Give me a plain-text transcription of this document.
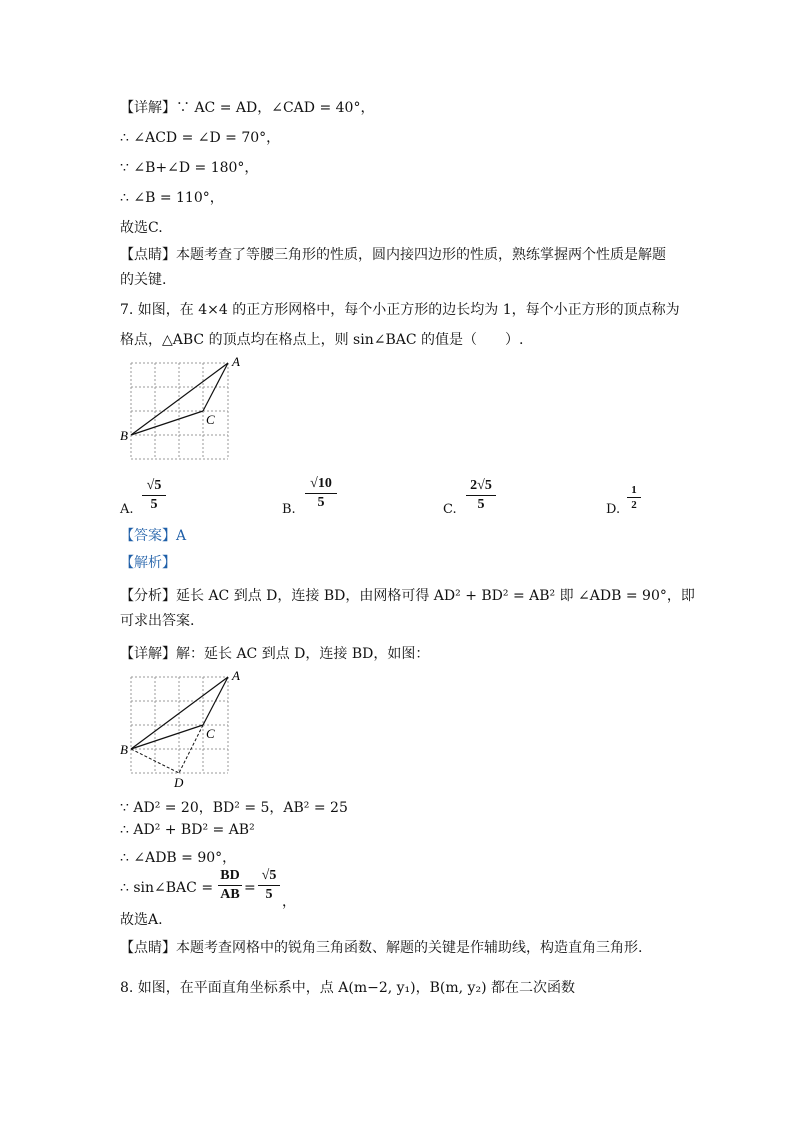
【详解】∵ AC = AD，∠CAD = 40°，
∴ ∠ACD = ∠D = 70°，
∵ ∠B+∠D = 180°，
∴ ∠B = 110°，
故选C.
【点睛】本题考查了等腰三角形的性质，圆内接四边形的性质，熟练掌握两个性质是解题
的关键.
7. 如图，在 4×4 的正方形网格中，每个小正方形的边长均为 1，每个小正方形的顶点称为
格点，△ABC 的顶点均在格点上，则 sin∠BAC 的值是（　　）.
A
B
C
A.
√5
5	B.
√10
5	C.
2√5
5	D.
1
2
【答案】A
【解析】
【分析】延长 AC 到点 D，连接 BD，由网格可得 AD² + BD² = AB² 即 ∠ADB = 90°，即
可求出答案.
【详解】解：延长 AC 到点 D，连接 BD，如图：
A
B
C
D
∵ AD² = 20，BD² = 5，AB² = 25
∴ AD² + BD² = AB²
∴ ∠ADB = 90°，
∴ sin∠BAC =
BD
AB =
√5
5 ，
故选A.
【点睛】本题考查网格中的锐角三角函数、解题的关键是作辅助线，构造直角三角形.
8. 如图，在平面直角坐标系中，点 A(m−2, y₁)，B(m, y₂) 都在二次函数
